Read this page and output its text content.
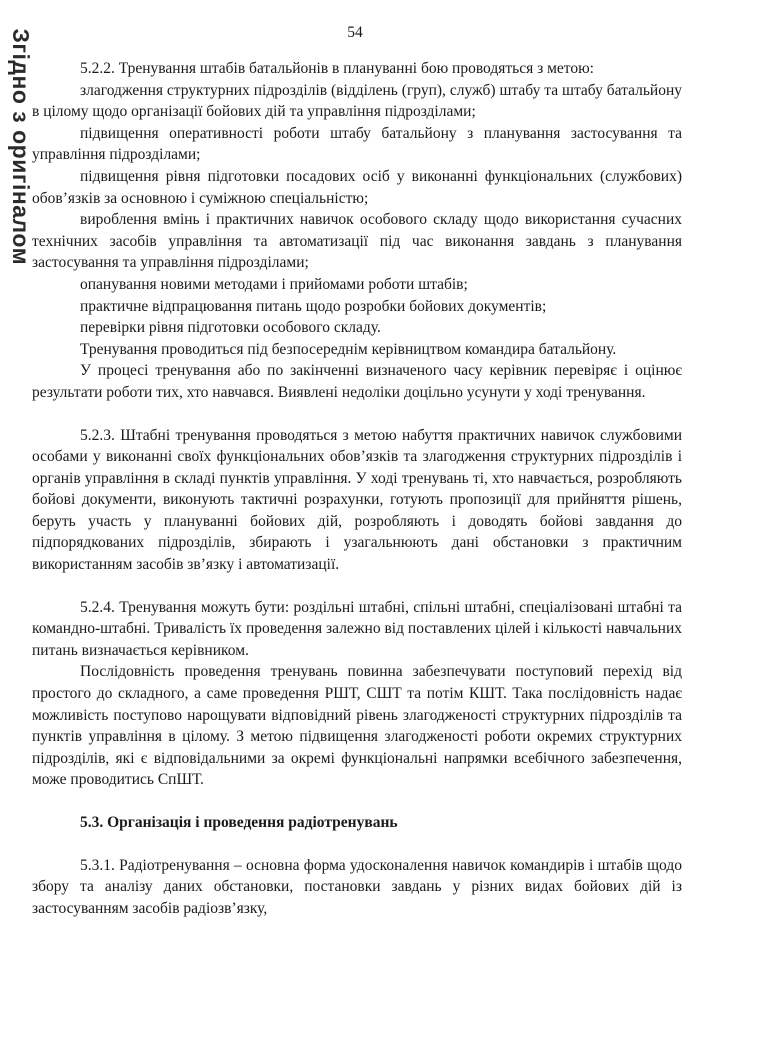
Згідно з оригіналом	54

5.2.2. Тренування штабів батальйонів в плануванні бою проводяться з метою:

злагодження структурних підрозділів (відділень (груп), служб) штабу та штабу батальйону в цілому щодо організації бойових дій та управління підрозділами;

підвищення оперативності роботи штабу батальйону з планування застосування та управління підрозділами;

підвищення рівня підготовки посадових осіб у виконанні функціональних (службових) обов’язків за основною і суміжною спеціальністю;

вироблення вмінь і практичних навичок особового складу щодо використання сучасних технічних засобів управління та автоматизації під час виконання завдань з планування застосування та управління підрозділами;

опанування новими методами і прийомами роботи штабів;

практичне відпрацювання питань щодо розробки бойових документів;

перевірки рівня підготовки особового складу.

Тренування проводиться під безпосереднім керівництвом командира батальйону.

У процесі тренування або по закінченні визначеного часу керівник перевіряє і оцінює результати роботи тих, хто навчався. Виявлені недоліки доцільно усунути у ході тренування.

5.2.3. Штабні тренування проводяться з метою набуття практичних навичок службовими особами у виконанні своїх функціональних обов’язків та злагодження структурних підрозділів і органів управління в складі пунктів управління. У ході тренувань ті, хто навчається, розробляють бойові документи, виконують тактичні розрахунки, готують пропозиції для прийняття рішень, беруть участь у плануванні бойових дій, розробляють і доводять бойові завдання до підпорядкованих підрозділів, збирають і узагальнюють дані обстановки з практичним використанням засобів зв’язку і автоматизації.

5.2.4. Тренування можуть бути: роздільні штабні, спільні штабні, спеціалізовані штабні та командно-штабні. Тривалість їх проведення залежно від поставлених цілей і кількості навчальних питань визначається керівником.

Послідовність проведення тренувань повинна забезпечувати поступовий перехід від простого до складного, а саме проведення РШТ, СШТ та потім КШТ. Така послідовність надає можливість поступово нарощувати відповідний рівень злагодженості структурних підрозділів та пунктів управління в цілому. З метою підвищення злагодженості роботи окремих структурних підрозділів, які є відповідальними за окремі функціональні напрямки всебічного забезпечення, може проводитись СпШТ.

5.3. Організація і проведення радіотренувань

5.3.1. Радіотренування – основна форма удосконалення навичок командирів і штабів щодо збору та аналізу даних обстановки, постановки завдань у різних видах бойових дій із застосуванням засобів радіозв’язку,
